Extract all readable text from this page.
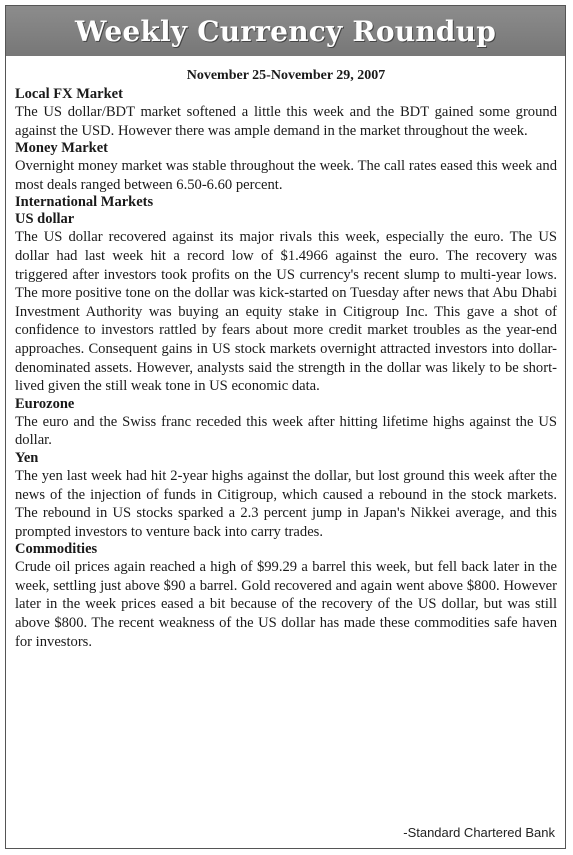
Weekly Currency Roundup
November 25-November 29, 2007
Local FX Market

The US dollar/BDT market softened a little this week and the BDT gained some ground against the USD. However there was ample demand in the market throughout the week.

Money Market

Overnight money market was stable throughout the week. The call rates eased this week and most deals ranged between 6.50-6.60 percent.

International Markets
US dollar

The US dollar recovered against its major rivals this week, especially the euro. The US dollar had last week hit a record low of $1.4966 against the euro. The recovery was triggered after investors took profits on the US currency's recent slump to multi-year lows. The more positive tone on the dollar was kick-started on Tuesday after news that Abu Dhabi Investment Authority was buying an equity stake in Citigroup Inc. This gave a shot of confidence to investors rattled by fears about more credit market troubles as the year-end approaches. Consequent gains in US stock markets overnight attracted investors into dollar-denominated assets. However, analysts said the strength in the dollar was likely to be short-lived given the still weak tone in US economic data.

Eurozone

The euro and the Swiss franc receded this week after hitting lifetime highs against the US dollar.

Yen

The yen last week had hit 2-year highs against the dollar, but lost ground this week after the news of the injection of funds in Citigroup, which caused a rebound in the stock markets. The rebound in US stocks sparked a 2.3 percent jump in Japan's Nikkei average, and this prompted investors to venture back into carry trades.

Commodities

Crude oil prices again reached a high of $99.29 a barrel this week, but fell back later in the week, settling just above $90 a barrel. Gold recovered and again went above $800. However later in the week prices eased a bit because of the recovery of the US dollar, but was still above $800. The recent weakness of the US dollar has made these commodities safe haven for investors.

-Standard Chartered Bank
